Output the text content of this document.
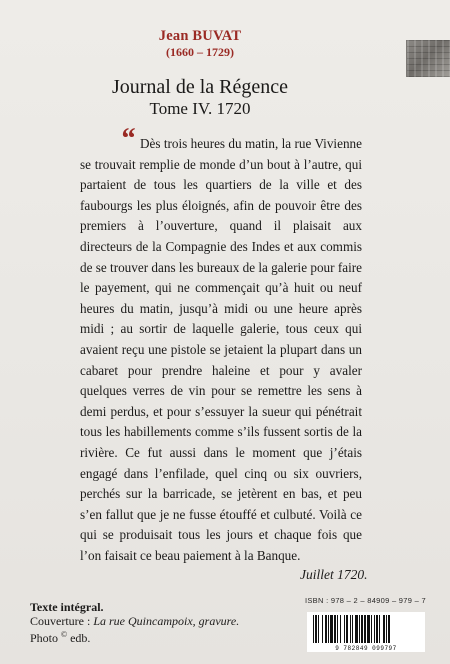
Jean BUVAT
(1660 – 1729)
Journal de la Régence
Tome IV. 1720
“ Dès trois heures du matin, la rue Vivienne se trouvait remplie de monde d’un bout à l’autre, qui partaient de tous les quartiers de la ville et des faubourgs les plus éloignés, afin de pouvoir être des premiers à l’ouverture, quand il plaisait aux directeurs de la Compagnie des Indes et aux commis de se trouver dans les bureaux de la galerie pour faire le payement, qui ne commençait qu’à huit ou neuf heures du matin, jusqu’à midi ou une heure après midi ; au sortir de laquelle galerie, tous ceux qui avaient reçu une pistole se jetaient la plupart dans un cabaret pour prendre haleine et pour y avaler quelques verres de vin pour se remettre les sens à demi perdus, et pour s’essuyer la sueur qui pénétrait tous les habillements comme s’ils fussent sortis de la rivière. Ce fut aussi dans le moment que j’étais engagé dans l’enfilade, quel cinq ou six ouvriers, perchés sur la barricade, se jetèrent en bas, et peu s’en fallut que je ne fusse étouffé et culbuté. Voilà ce qui se produisait tous les jours et chaque fois que l’on faisait ce beau paiement à la Banque.
Juillet 1720.
Texte intégral.
Couverture : La rue Quincampoix, gravure.
Photo © edb.
ISBN : 978 – 2 – 84909 – 979 – 7
9 782849 099797
